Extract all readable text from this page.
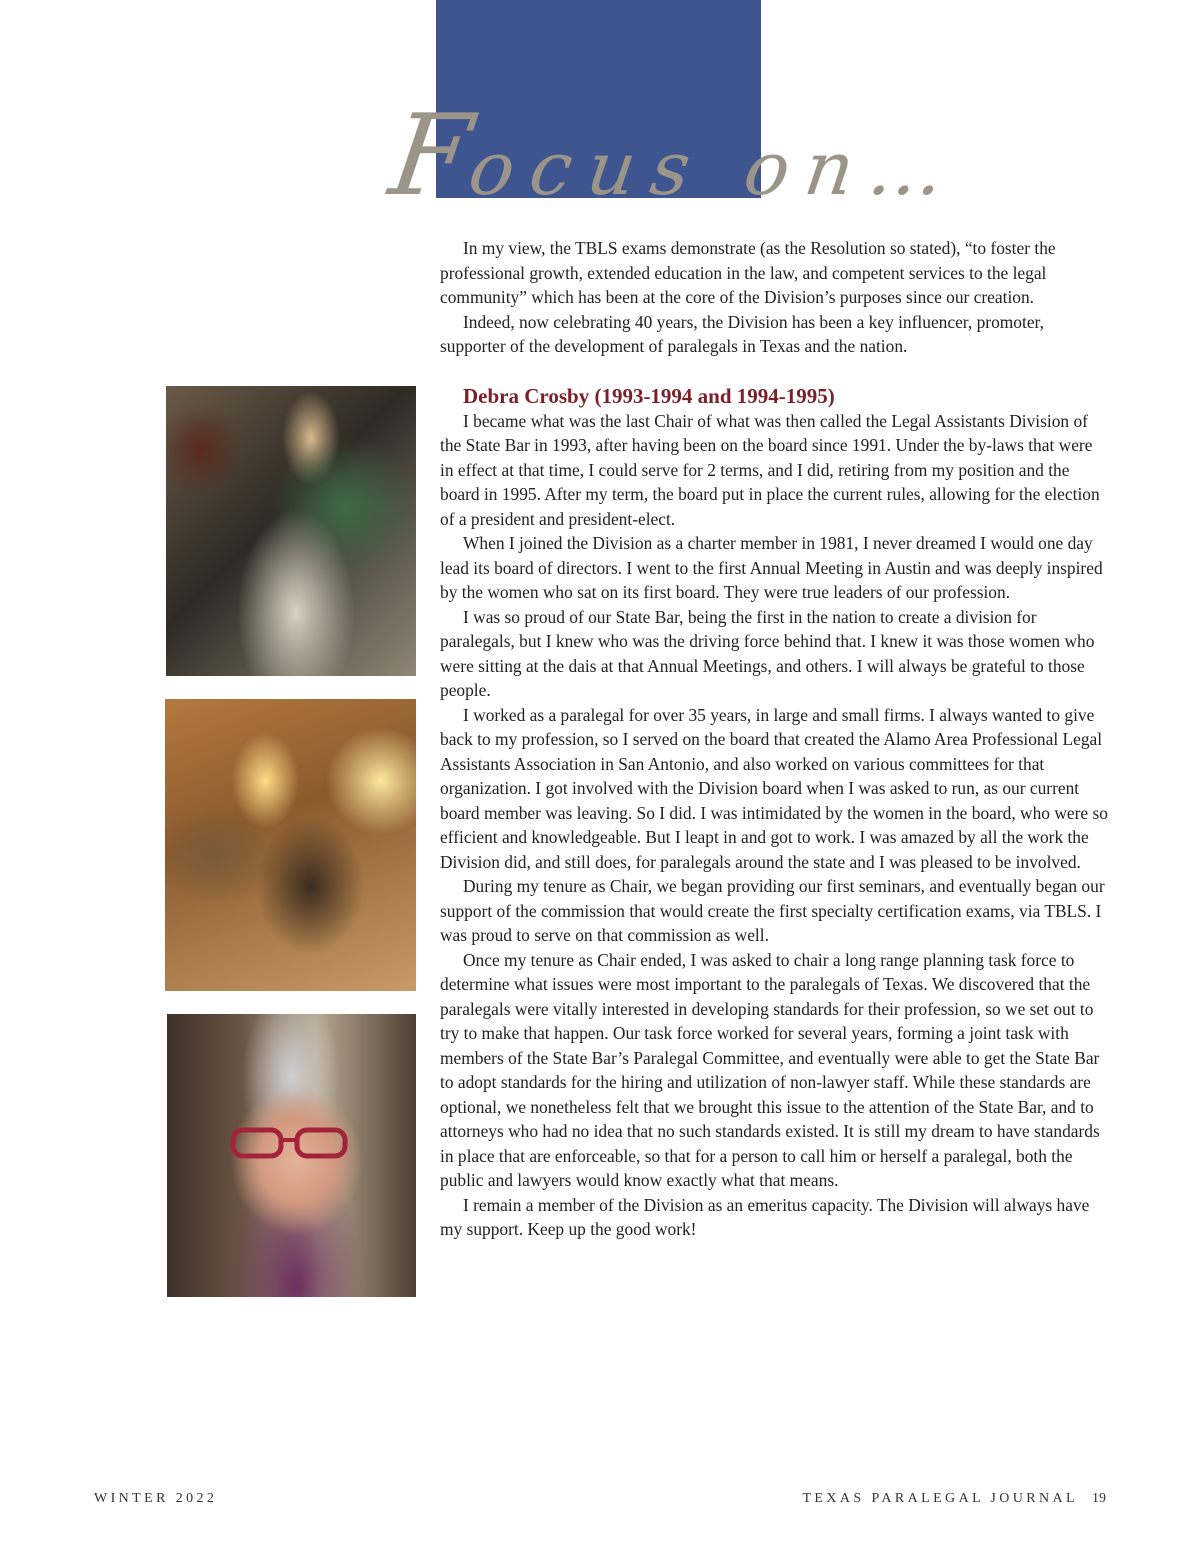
Focus on…

In my view, the TBLS exams demonstrate (as the Resolution so stated), “to foster the professional growth, extended education in the law, and competent services to the legal community” which has been at the core of the Division’s purposes since our creation.

Indeed, now celebrating 40 years, the Division has been a key influencer, promoter, supporter of the development of paralegals in Texas and the nation.

Debra Crosby (1993-1994 and 1994-1995)

I became what was the last Chair of what was then called the Legal Assistants Division of the State Bar in 1993, after having been on the board since 1991. Under the by-laws that were in effect at that time, I could serve for 2 terms, and I did, retiring from my position and the board in 1995. After my term, the board put in place the current rules, allowing for the election of a president and president-elect.

When I joined the Division as a charter member in 1981, I never dreamed I would one day lead its board of directors. I went to the first Annual Meeting in Austin and was deeply inspired by the women who sat on its first board. They were true leaders of our profession.

I was so proud of our State Bar, being the first in the nation to create a division for paralegals, but I knew who was the driving force behind that. I knew it was those women who were sitting at the dais at that Annual Meetings, and others. I will always be grateful to those people.

I worked as a paralegal for over 35 years, in large and small firms. I always wanted to give back to my profession, so I served on the board that created the Alamo Area Professional Legal Assistants Association in San Antonio, and also worked on various committees for that organization. I got involved with the Division board when I was asked to run, as our current board member was leaving. So I did. I was intimidated by the women in the board, who were so efficient and knowledgeable. But I leapt in and got to work. I was amazed by all the work the Division did, and still does, for paralegals around the state and I was pleased to be involved.

During my tenure as Chair, we began providing our first seminars, and eventually began our support of the commission that would create the first specialty certification exams, via TBLS. I was proud to serve on that commission as well.

Once my tenure as Chair ended, I was asked to chair a long range planning task force to determine what issues were most important to the paralegals of Texas. We discovered that the paralegals were vitally interested in developing standards for their profession, so we set out to try to make that happen. Our task force worked for several years, forming a joint task with members of the State Bar’s Paralegal Committee, and eventually were able to get the State Bar to adopt standards for the hiring and utilization of non-lawyer staff. While these standards are optional, we nonetheless felt that we brought this issue to the attention of the State Bar, and to attorneys who had no idea that no such standards existed. It is still my dream to have standards in place that are enforceable, so that for a person to call him or herself a paralegal, both the public and lawyers would know exactly what that means.

I remain a member of the Division as an emeritus capacity. The Division will always have my support. Keep up the good work!

WINTER 2022	TEXAS PARALEGAL JOURNAL 19
